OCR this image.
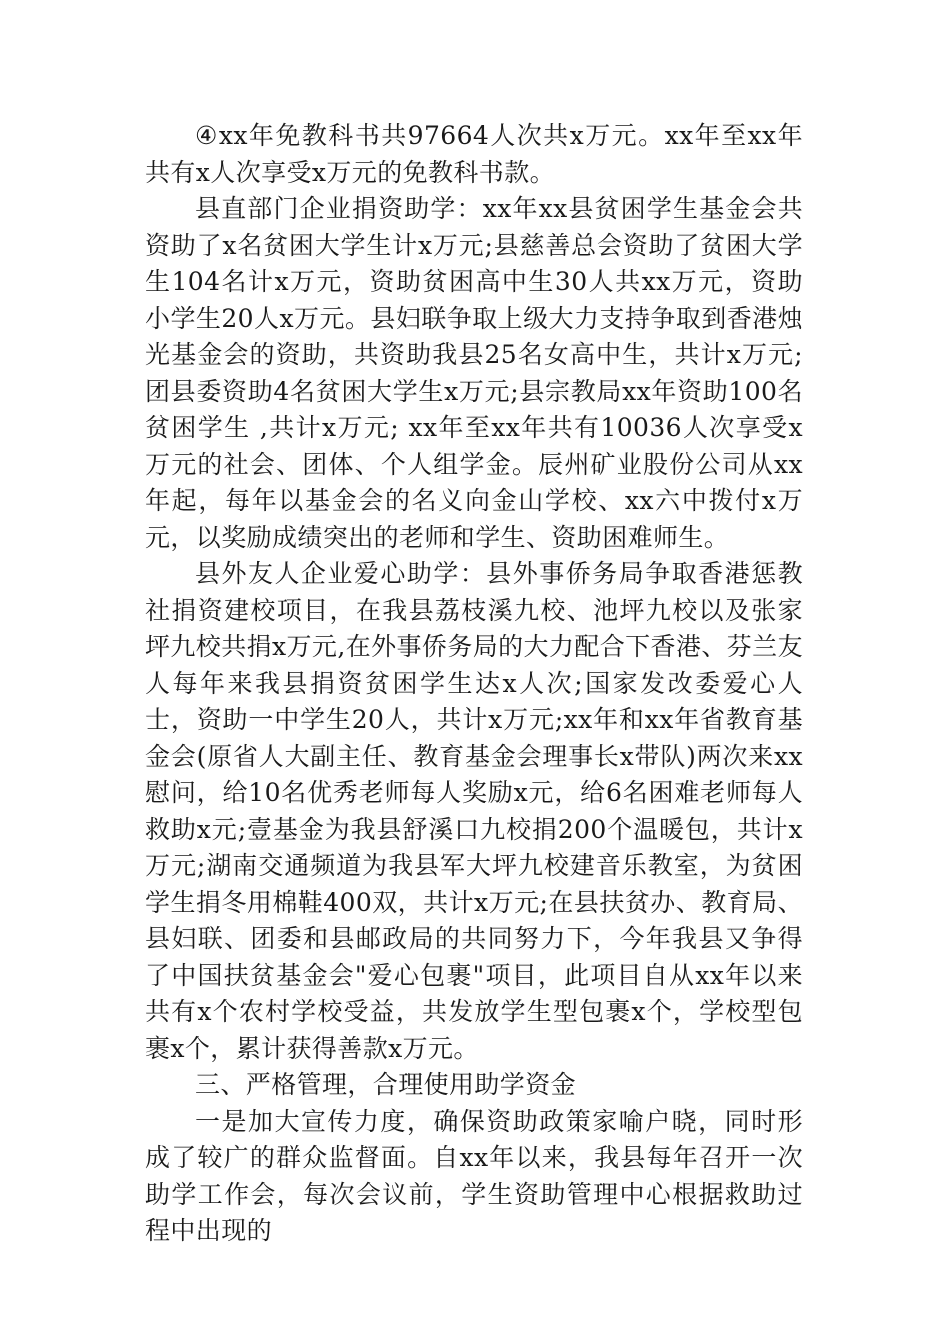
④xx年免教科书共97664人次共x万元。xx年至xx年共有x人次享受x万元的免教科书款。

县直部门企业捐资助学：xx年xx县贫困学生基金会共资助了x名贫困大学生计x万元;县慈善总会资助了贫困大学生104名计x万元，资助贫困高中生30人共xx万元，资助小学生20人x万元。县妇联争取上级大力支持争取到香港烛光基金会的资助，共资助我县25名女高中生，共计x万元;团县委资助4名贫困大学生x万元;县宗教局xx年资助100名贫困学生 ,共计x万元; xx年至xx年共有10036人次享受x万元的社会、团体、个人组学金。辰州矿业股份公司从xx年起，每年以基金会的名义向金山学校、xx六中拨付x万元，以奖励成绩突出的老师和学生、资助困难师生。

县外友人企业爱心助学：县外事侨务局争取香港惩教社捐资建校项目，在我县荔枝溪九校、池坪九校以及张家坪九校共捐x万元,在外事侨务局的大力配合下香港、芬兰友人每年来我县捐资贫困学生达x人次;国家发改委爱心人士，资助一中学生20人，共计x万元;xx年和xx年省教育基金会(原省人大副主任、教育基金会理事长x带队)两次来xx慰问，给10名优秀老师每人奖励x元，给6名困难老师每人救助x元;壹基金为我县舒溪口九校捐200个温暖包，共计x万元;湖南交通频道为我县军大坪九校建音乐教室，为贫困学生捐冬用棉鞋400双，共计x万元;在县扶贫办、教育局、县妇联、团委和县邮政局的共同努力下，今年我县又争得了中国扶贫基金会"爱心包裹"项目，此项目自从xx年以来共有x个农村学校受益，共发放学生型包裹x个，学校型包裹x个，累计获得善款x万元。

三、严格管理，合理使用助学资金

一是加大宣传力度，确保资助政策家喻户晓，同时形成了较广的群众监督面。自xx年以来，我县每年召开一次助学工作会，每次会议前，学生资助管理中心根据救助过程中出现的
